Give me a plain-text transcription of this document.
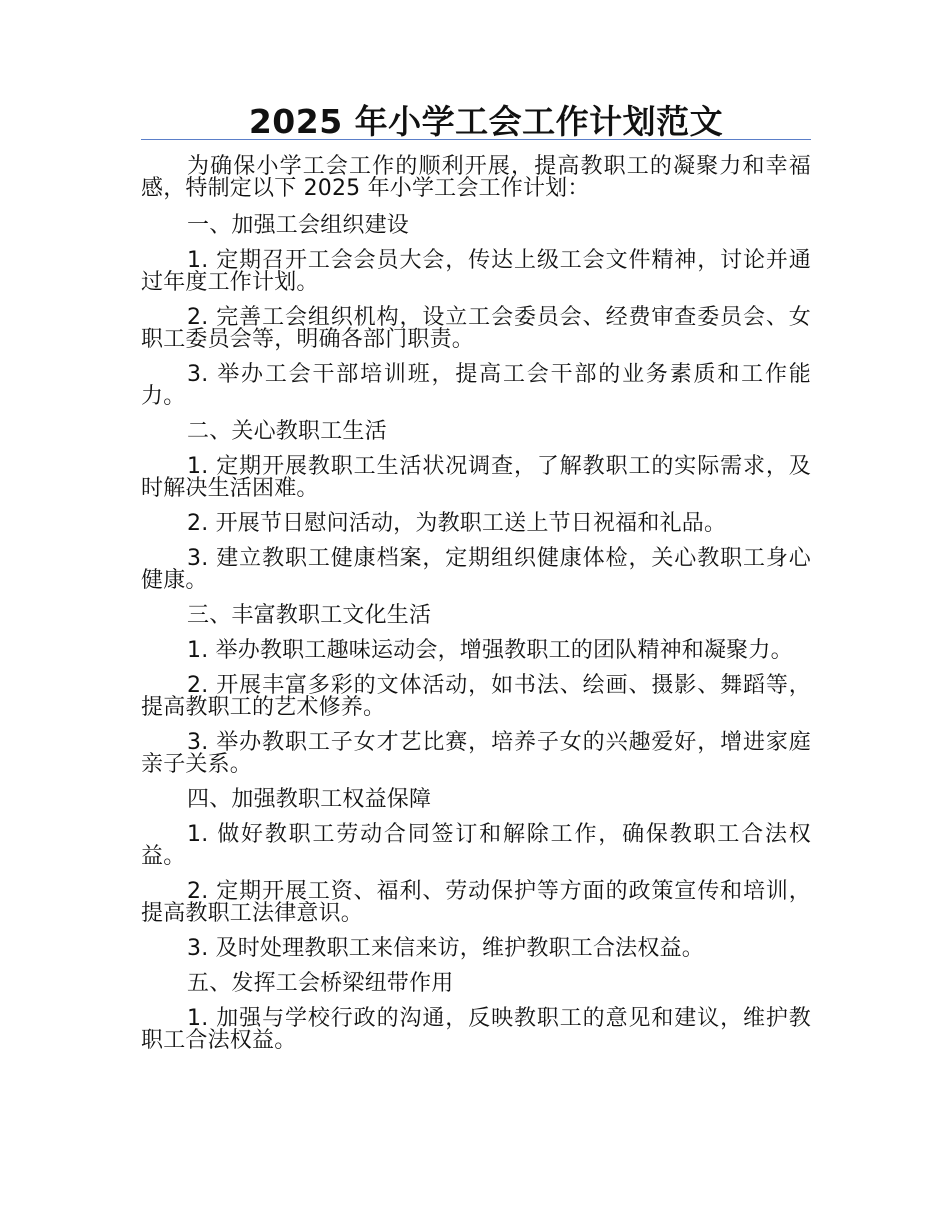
2025 年小学工会工作计划范文

为确保小学工会工作的顺利开展，提高教职工的凝聚力和幸福感，特制定以下 2025 年小学工会工作计划：

一、加强工会组织建设

1. 定期召开工会会员大会，传达上级工会文件精神，讨论并通过年度工作计划。

2. 完善工会组织机构，设立工会委员会、经费审查委员会、女职工委员会等，明确各部门职责。

3. 举办工会干部培训班，提高工会干部的业务素质和工作能力。

二、关心教职工生活

1. 定期开展教职工生活状况调查，了解教职工的实际需求，及时解决生活困难。

2. 开展节日慰问活动，为教职工送上节日祝福和礼品。

3. 建立教职工健康档案，定期组织健康体检，关心教职工身心健康。

三、丰富教职工文化生活

1. 举办教职工趣味运动会，增强教职工的团队精神和凝聚力。

2. 开展丰富多彩的文体活动，如书法、绘画、摄影、舞蹈等，提高教职工的艺术修养。

3. 举办教职工子女才艺比赛，培养子女的兴趣爱好，增进家庭亲子关系。

四、加强教职工权益保障

1. 做好教职工劳动合同签订和解除工作，确保教职工合法权益。

2. 定期开展工资、福利、劳动保护等方面的政策宣传和培训，提高教职工法律意识。

3. 及时处理教职工来信来访，维护教职工合法权益。

五、发挥工会桥梁纽带作用

1. 加强与学校行政的沟通，反映教职工的意见和建议，维护教职工合法权益。
